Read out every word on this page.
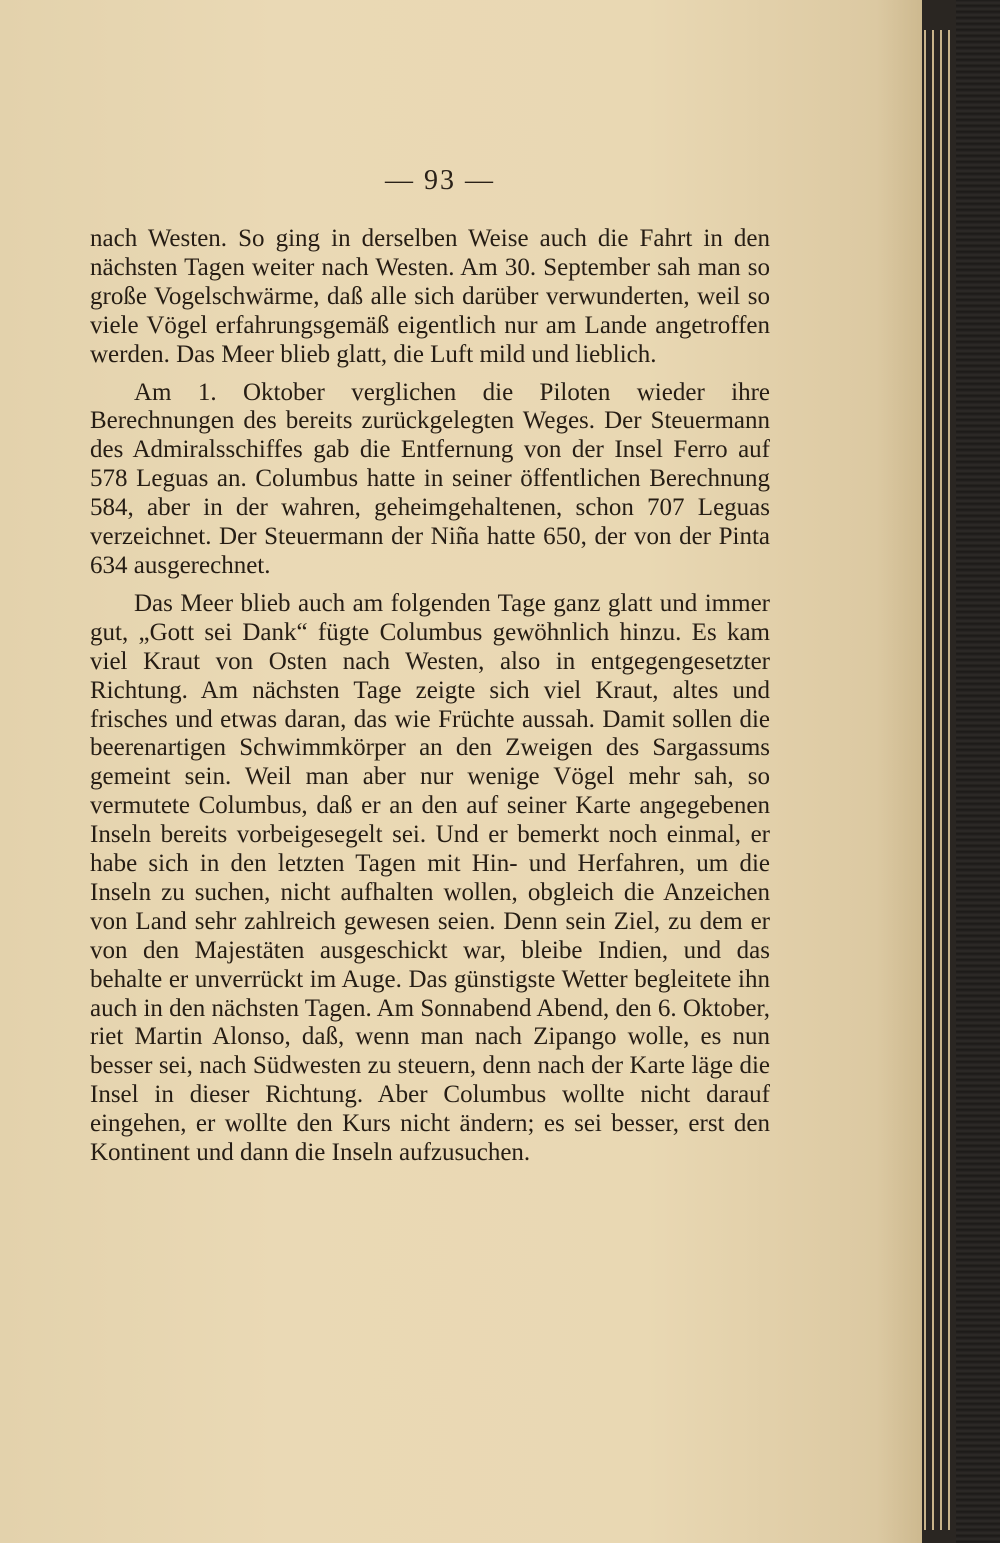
— 93 —

nach Westen. So ging in derselben Weise auch die Fahrt in den nächsten Tagen weiter nach Westen. Am 30. September sah man so große Vogelschwärme, daß alle sich darüber verwunderten, weil so viele Vögel erfahrungsgemäß eigentlich nur am Lande angetroffen werden. Das Meer blieb glatt, die Luft mild und lieblich.

Am 1. Oktober verglichen die Piloten wieder ihre Berechnungen des bereits zurückgelegten Weges. Der Steuermann des Admiralsschiffes gab die Entfernung von der Insel Ferro auf 578 Leguas an. Columbus hatte in seiner öffentlichen Berechnung 584, aber in der wahren, geheimgehaltenen, schon 707 Leguas verzeichnet. Der Steuermann der Niña hatte 650, der von der Pinta 634 ausgerechnet.

Das Meer blieb auch am folgenden Tage ganz glatt und immer gut, „Gott sei Dank“ fügte Columbus gewöhnlich hinzu. Es kam viel Kraut von Osten nach Westen, also in entgegengesetzter Richtung. Am nächsten Tage zeigte sich viel Kraut, altes und frisches und etwas daran, das wie Früchte aussah. Damit sollen die beerenartigen Schwimmkörper an den Zweigen des Sargassums gemeint sein. Weil man aber nur wenige Vögel mehr sah, so vermutete Columbus, daß er an den auf seiner Karte angegebenen Inseln bereits vorbeigesegelt sei. Und er bemerkt noch einmal, er habe sich in den letzten Tagen mit Hin- und Herfahren, um die Inseln zu suchen, nicht aufhalten wollen, obgleich die Anzeichen von Land sehr zahlreich gewesen seien. Denn sein Ziel, zu dem er von den Majestäten ausgeschickt war, bleibe Indien, und das behalte er unverrückt im Auge. Das günstigste Wetter begleitete ihn auch in den nächsten Tagen. Am Sonnabend Abend, den 6. Oktober, riet Martin Alonso, daß, wenn man nach Zipango wolle, es nun besser sei, nach Südwesten zu steuern, denn nach der Karte läge die Insel in dieser Richtung. Aber Columbus wollte nicht darauf eingehen, er wollte den Kurs nicht ändern; es sei besser, erst den Kontinent und dann die Inseln aufzusuchen.
